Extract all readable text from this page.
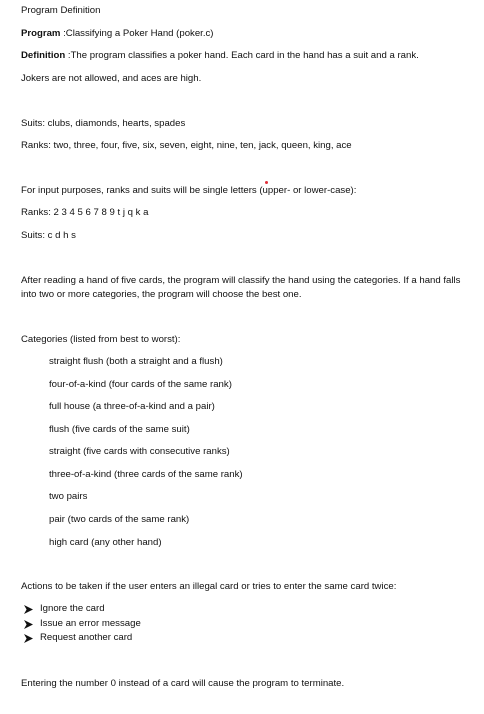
Program Definition
Program :Classifying a Poker Hand (poker.c)
Definition :The program classifies a poker hand. Each card in the hand has a suit and a rank.
Jokers are not allowed, and aces are high.
Suits: clubs, diamonds, hearts, spades
Ranks: two, three, four, five, six, seven, eight, nine, ten, jack, queen, king, ace
For input purposes, ranks and suits will be single letters (upper- or lower-case):
Ranks: 2 3 4 5 6 7 8 9 t j q k a
Suits: c d h s
After reading a hand of five cards, the program will classify the hand using the categories. If a hand falls into two or more categories, the program will choose the best one.
Categories (listed from best to worst):
straight flush (both a straight and a flush)
four-of-a-kind (four cards of the same rank)
full house (a three-of-a-kind and a pair)
flush (five cards of the same suit)
straight (five cards with consecutive ranks)
three-of-a-kind (three cards of the same rank)
two pairs
pair (two cards of the same rank)
high card (any other hand)
Actions to be taken if the user enters an illegal card or tries to enter the same card twice:
Ignore the card
Issue an error message
Request another card
Entering the number 0 instead of a card will cause the program to terminate.
